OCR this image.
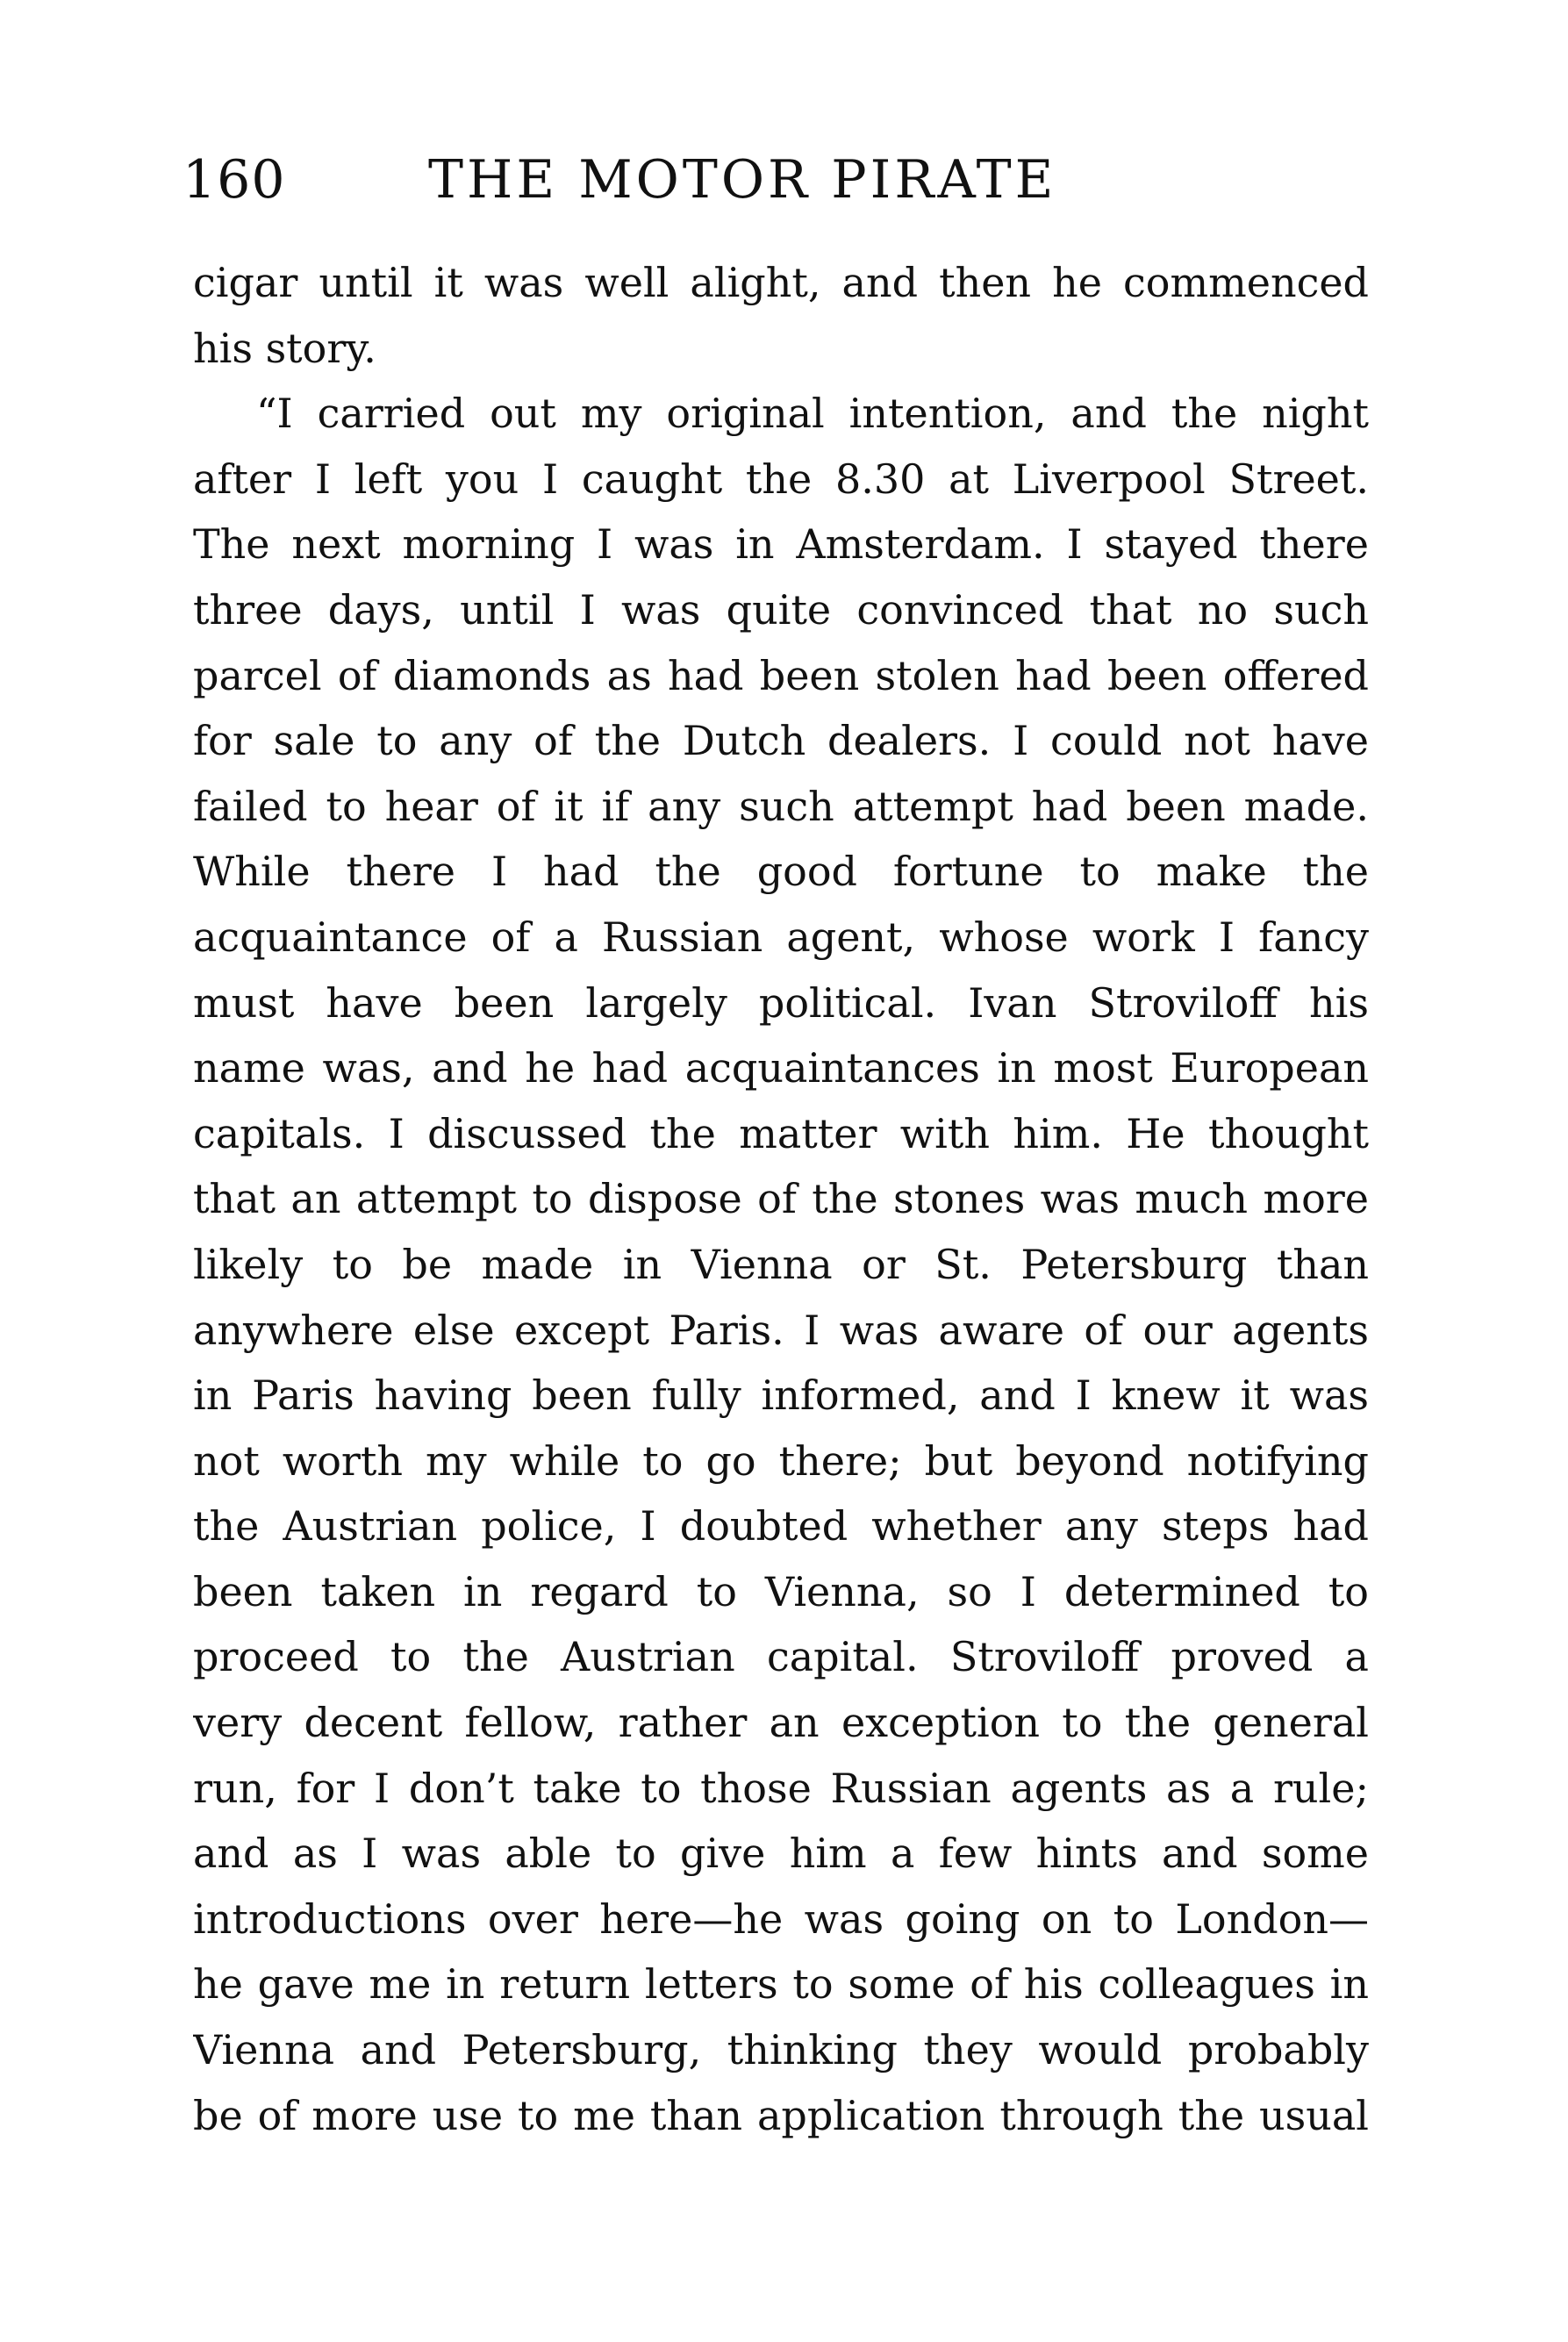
160	THE MOTOR PIRATE
cigar until it was well alight, and then he commenced
his story.
“I carried out my original intention, and the night
after I left you I caught the 8.30 at Liverpool Street.
The next morning I was in Amsterdam. I stayed there
three days, until I was quite convinced that no such
parcel of diamonds as had been stolen had been offered
for sale to any of the Dutch dealers. I could not have
failed to hear of it if any such attempt had been made.
While there I had the good fortune to make the
acquaintance of a Russian agent, whose work I fancy
must have been largely political. Ivan Stroviloff his
name was, and he had acquaintances in most European
capitals. I discussed the matter with him. He thought
that an attempt to dispose of the stones was much more
likely to be made in Vienna or St. Petersburg than
anywhere else except Paris. I was aware of our agents
in Paris having been fully informed, and I knew it was
not worth my while to go there; but beyond notifying
the Austrian police, I doubted whether any steps had
been taken in regard to Vienna, so I determined to
proceed to the Austrian capital. Stroviloff proved a
very decent fellow, rather an exception to the general
run, for I don’t take to those Russian agents as a rule;
and as I was able to give him a few hints and some
introductions over here—he was going on to London—
he gave me in return letters to some of his colleagues in
Vienna and Petersburg, thinking they would probably
be of more use to me than application through the usual
